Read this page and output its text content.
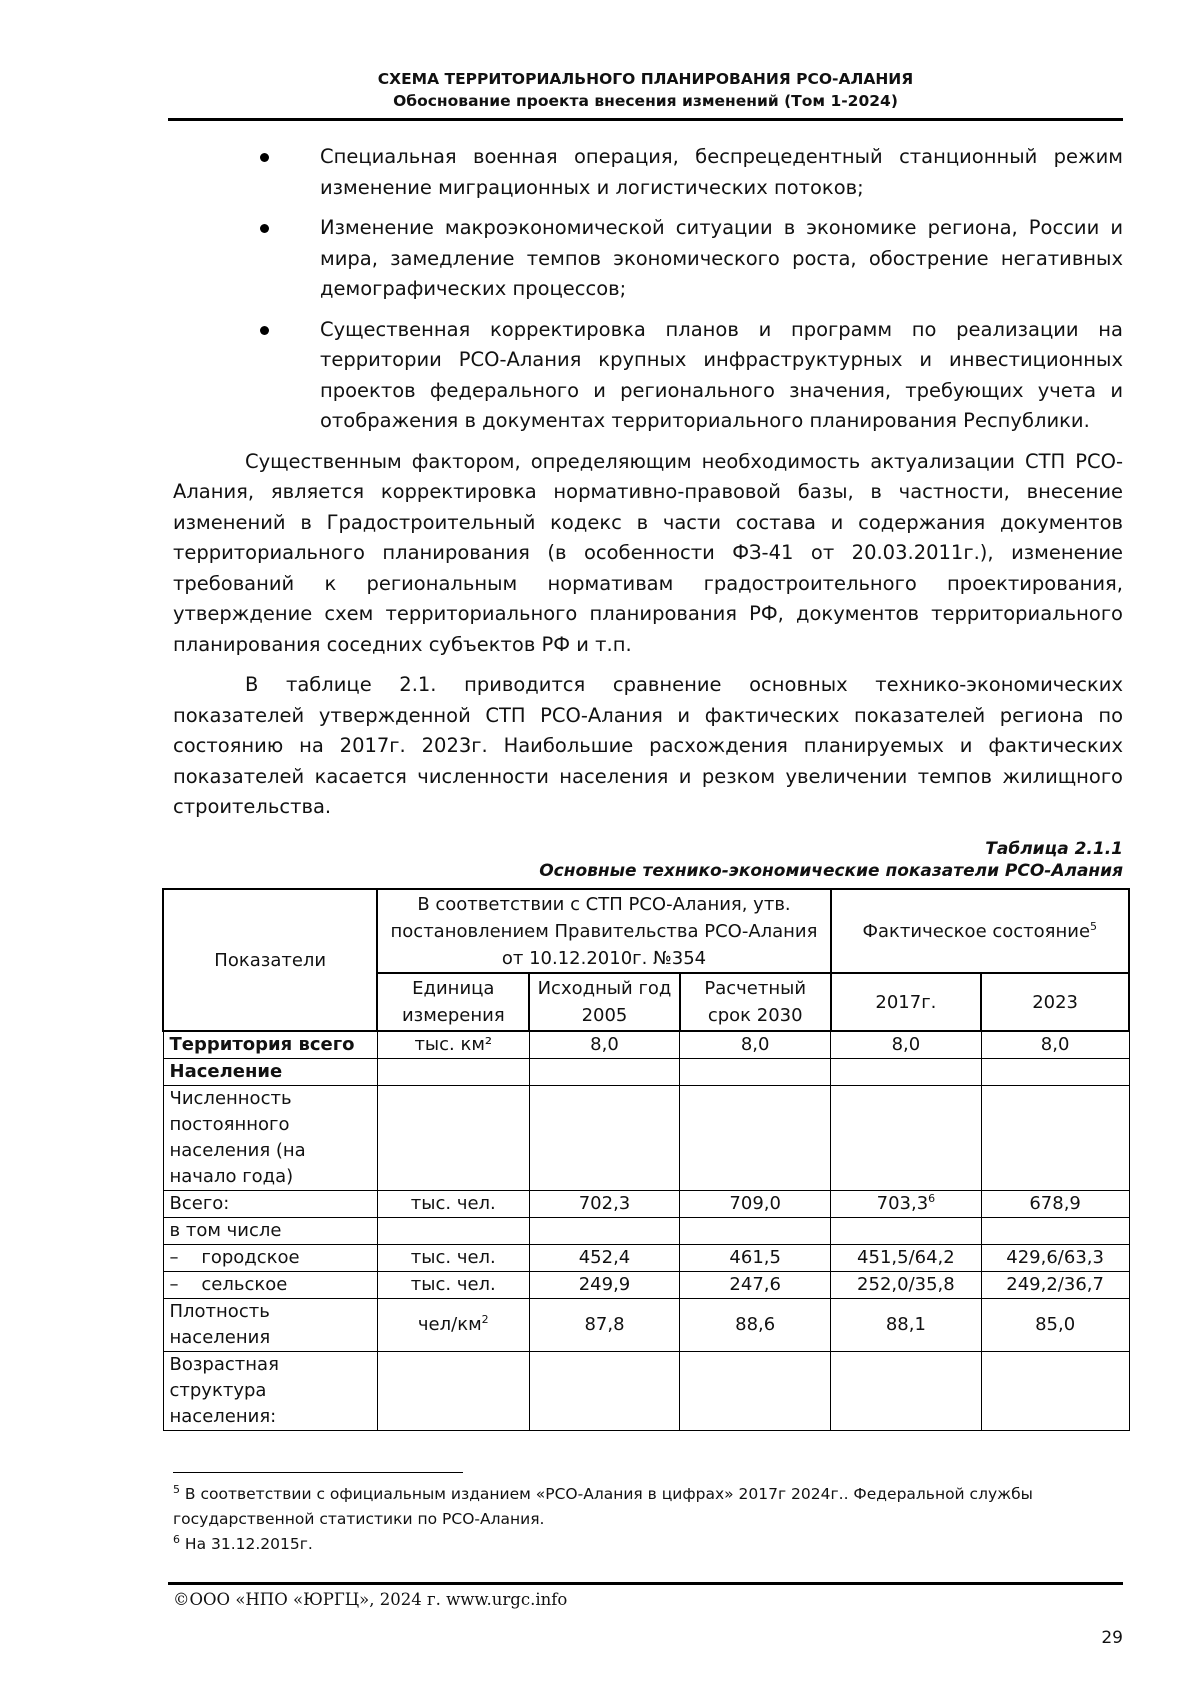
СХЕМА ТЕРРИТОРИАЛЬНОГО ПЛАНИРОВАНИЯ РСО-АЛАНИЯ
Обоснование проекта внесения изменений (Том 1-2024)
Специальная военная операция, беспрецедентный станционный режим изменение миграционных и логистических потоков;
Изменение макроэкономической ситуации в экономике региона, России и мира, замедление темпов экономического роста, обострение негативных демографических процессов;
Существенная корректировка планов и программ по реализации на территории РСО-Алания крупных инфраструктурных и инвестиционных проектов федерального и регионального значения, требующих учета и отображения в документах территориального планирования Республики.

Существенным фактором, определяющим необходимость актуализации СТП РСО-Алания, является корректировка нормативно-правовой базы, в частности, внесение изменений в Градостроительный кодекс в части состава и содержания документов территориального планирования (в особенности ФЗ-41 от 20.03.2011г.), изменение требований к региональным нормативам градостроительного проектирования, утверждение схем территориального планирования РФ, документов территориального планирования соседних субъектов РФ и т.п.

В таблице 2.1. приводится сравнение основных технико-экономических показателей утвержденной СТП РСО-Алания и фактических показателей региона по состоянию на 2017г. 2023г. Наибольшие расхождения планируемых и фактических показателей касается численности населения и резком увеличении темпов жилищного строительства.

Таблица 2.1.1
Основные технико-экономические показатели РСО-Алания
Показатели	В соответствии с СТП РСО-Алания, утв. постановлением Правительства РСО-Алания от 10.12.2010г. №354			Фактическое состояние$^5$
	Единица измерения	Исходный год 2005	Расчетный срок 2030	2017г.	2023
Территория всего	тыс. км²	8,0	8,0	8,0	8,0
Население					
Численность постоянного населения (на начало года)					
Всего:	тыс. чел.	702,3	709,0	703,3$^6$	678,9
в том числе					
–    городское	тыс. чел.	452,4	461,5	451,5/64,2	429,6/63,3
–    сельское	тыс. чел.	249,9	247,6	252,0/35,8	249,2/36,7
Плотность населения	чел/$км^2$	87,8	88,6	88,1	85,0
Возрастная структура населения:					

$^5$ В соответствии с официальным изданием «РСО-Алания в цифрах» 2017г 2024г.. Федеральной службы государственной статистики по РСО-Алания.

$^6$ На 31.12.2015г.

©ООО «НПО «ЮРГЦ», 2024 г. www.urgc.info
29
